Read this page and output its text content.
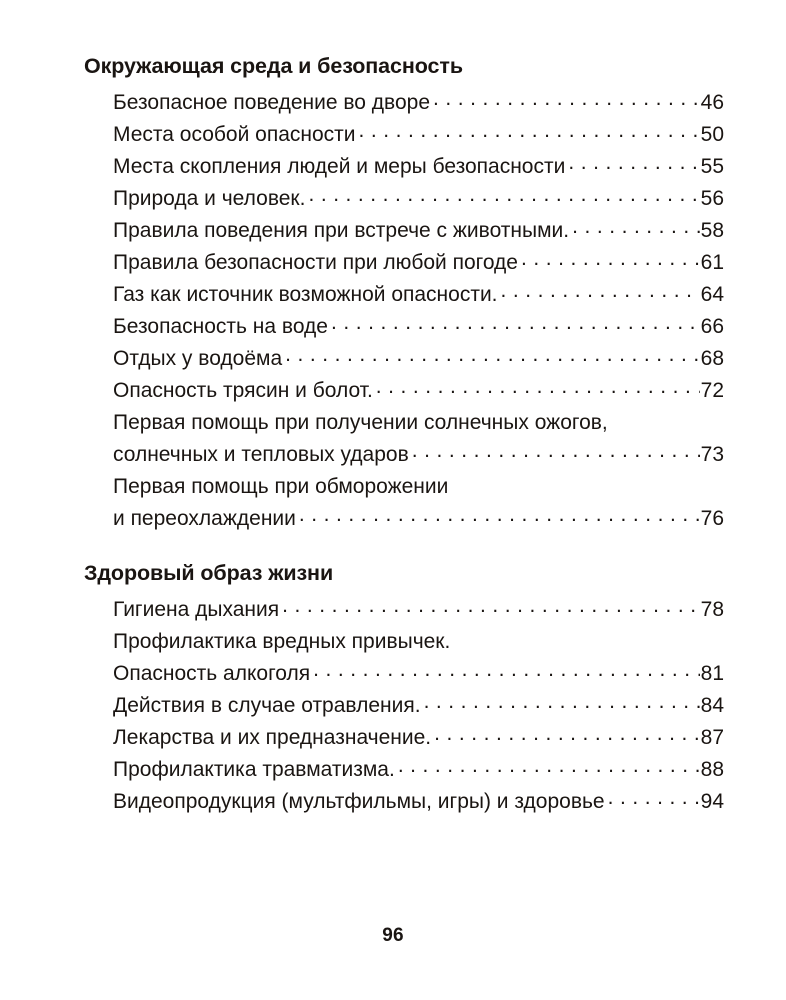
Окружающая среда и безопасность
Безопасное поведение во дворе . . .	46
Места особой опасности . . .	50
Места скопления людей и меры безопасности . . .	55
Природа и человек. . . .	56
Правила поведения при встрече с животными. . . .	58
Правила безопасности при любой погоде . . .	61
Газ как источник возможной опасности. . . .	64
Безопасность на воде . . .	66
Отдых у водоёма . . .	68
Опасность трясин и болот. . . .	72
Первая помощь при получении солнечных ожогов,
солнечных и тепловых ударов . . .	73
Первая помощь при обморожении
и переохлаждении . . .	76
Здоровый образ жизни
Гигиена дыхания . . .	78
Профилактика вредных привычек.
Опасность алкоголя . . .	81
Действия в случае отравления. . . .	84
Лекарства и их предназначение. . . .	87
Профилактика травматизма. . . .	88
Видеопродукция (мультфильмы, игры) и здоровье . . .	94
96
